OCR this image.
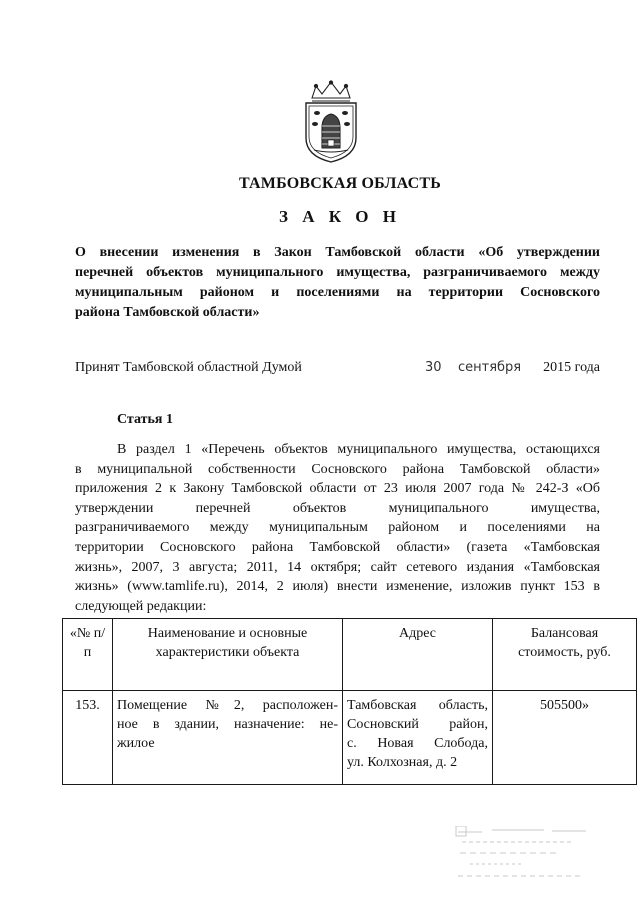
ТАМБОВСКАЯ ОБЛАСТЬ
З А К О Н
О внесении изменения в Закон Тамбовской области «Об утверждении
перечней объектов муниципального имущества, разграничиваемого между
муниципальным районом и поселениями на территории Сосновского
района Тамбовской области»
Принят Тамбовской областной Думой	30 сентября 2015 года
Статья 1
В раздел 1 «Перечень объектов муниципального имущества, остающихся
в муниципальной собственности Сосновского района Тамбовской области»
приложения 2 к Закону Тамбовской области от 23 июля 2007 года № 242-З «Об
утверждении перечней объектов муниципального имущества,
разграничиваемого между муниципальным районом и поселениями на
территории Сосновского района Тамбовской области» (газета «Тамбовская
жизнь», 2007, 3 августа; 2011, 14 октября; сайт сетевого издания «Тамбовская
жизнь» (www.tamlife.ru), 2014, 2 июля) внести изменение, изложив пункт 153 в
следующей редакции:
«№ п/п	Наименование и основные характеристики объекта	Адрес	Балансовая стоимость, руб.
153.	Помещение №2, расположен-
ное в здании, назначение: не-
жилое	Тамбовская область,
Сосновский район,
с. Новая Слобода,
ул. Колхозная, д. 2	505500»
